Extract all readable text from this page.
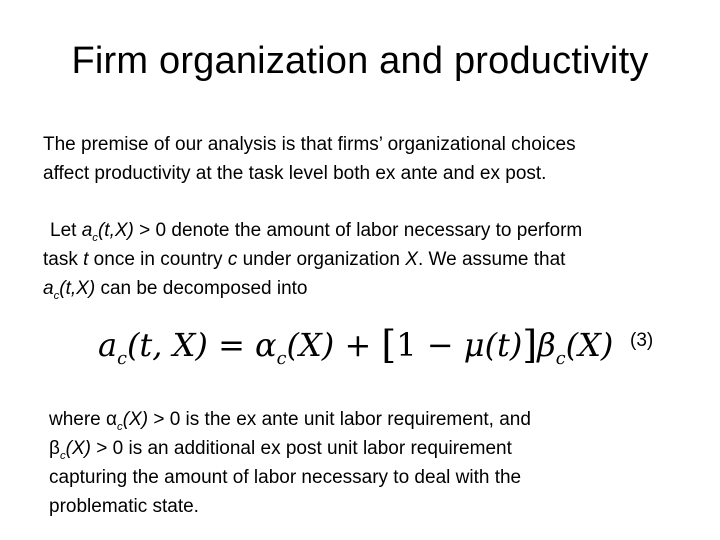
Firm organization and productivity
The premise of our analysis is that firms’ organizational choices
affect productivity at the task level both ex ante and ex post.
Let $a_c(t,X) > 0$ denote the amount of labor necessary to perform
task t once in country c under organization X. We assume that
$a_c(t,X)$ can be decomposed into
$a_c(t$, $X) = \alpha_c(X) + [1 - \mu(t)]\beta_c(X)$ (3)
where $\alpha_c(X) > 0$ is the ex ante unit labor requirement, and
$\beta_c(X) > 0$ is an additional ex post unit labor requirement
capturing the amount of labor necessary to deal with the
problematic state.
